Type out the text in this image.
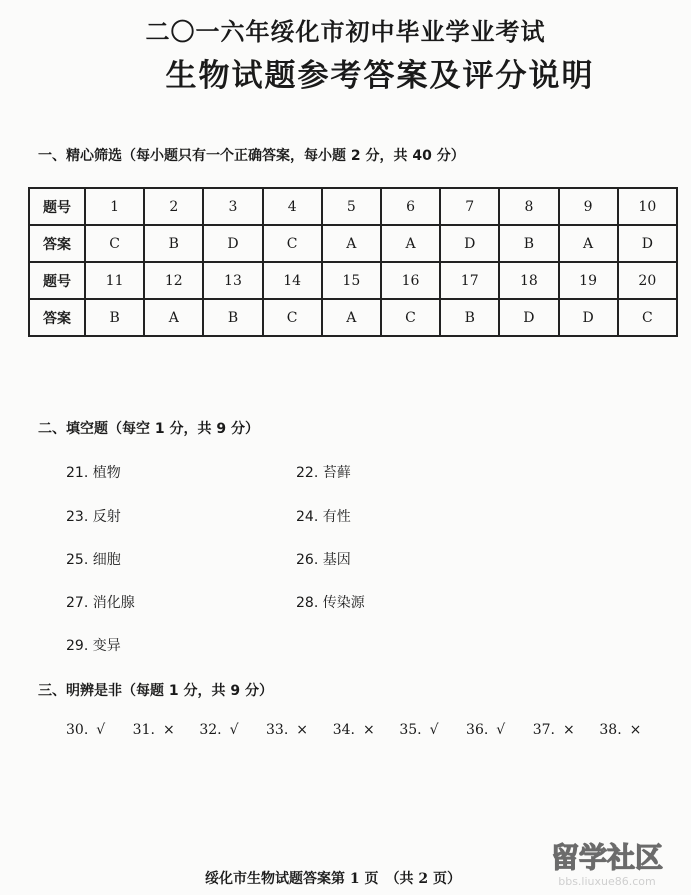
二〇一六年绥化市初中毕业学业考试
生物试题参考答案及评分说明
一、精心筛选（每小题只有一个正确答案，每小题 2 分，共 40 分）
题号	1	2	3	4	5	6	7	8	9	10
答案	C	B	D	C	A	A	D	B	A	D
题号	11	12	13	14	15	16	17	18	19	20
答案	B	A	B	C	A	C	B	D	D	C
二、填空题（每空 1 分，共 9 分）
21. 植物	22. 苔藓
23. 反射	24. 有性
25. 细胞	26. 基因
27. 消化腺	28. 传染源
29. 变异
三、明辨是非（每题 1 分，共 9 分）
30. √	31. ×	32. √	33. ×	34. ×	35. √	36. √	37. ×	38. ×
绥化市生物试题答案第 1 页　（共 2 页）
留学社区
bbs.liuxue86.com
